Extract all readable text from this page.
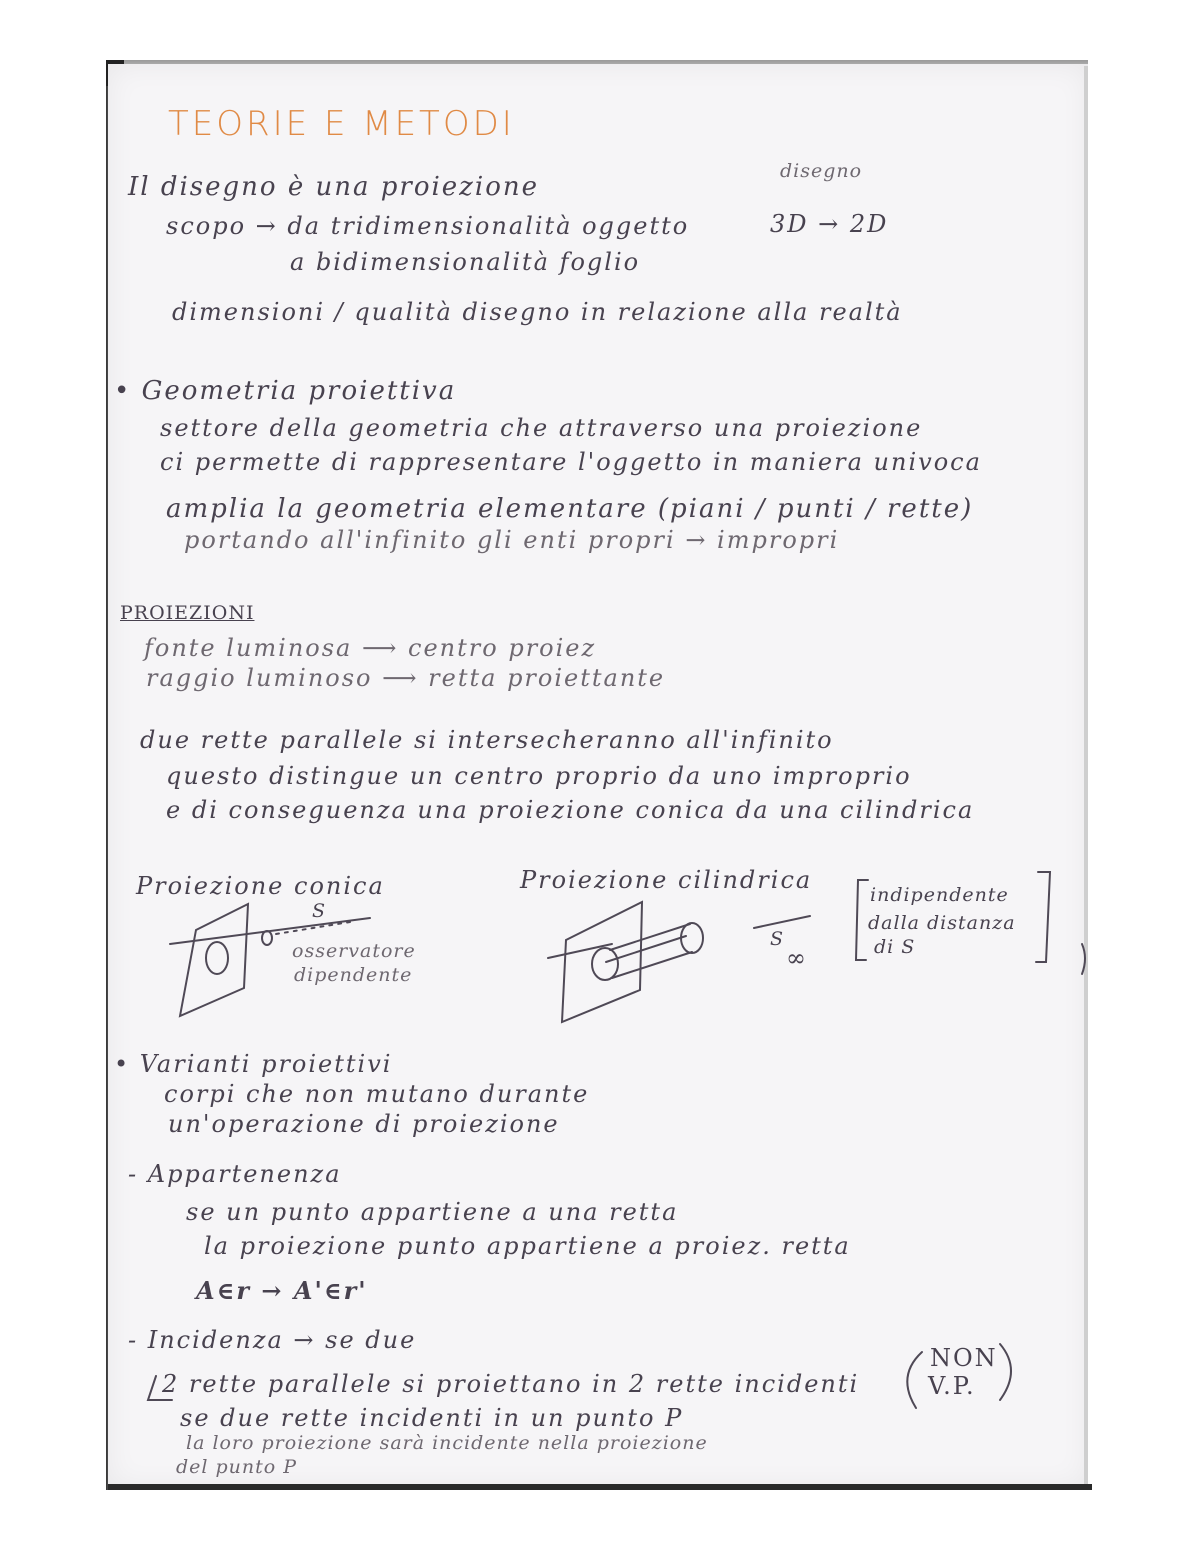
TEORIE E METODI
Il disegno è una proiezione
disegno
scopo → da tridimensionalità oggetto	3D → 2D
a bidimensionalità foglio
dimensioni / qualità disegno in relazione alla realtà
• Geometria proiettiva
settore della geometria che attraverso una proiezione
ci permette di rappresentare l'oggetto in maniera univoca
amplia la geometria elementare (piani / punti / rette)
portando all'infinito gli enti propri → impropri
PROIEZIONI
fonte luminosa ⟶ centro proiez
raggio luminoso ⟶ retta proiettante
due rette parallele si intersecheranno all'infinito
questo distingue un centro proprio da uno improprio
e di conseguenza una proiezione conica da una cilindrica
Proiezione conica
S
osservatore
dipendente
Proiezione cilindrica
S
∞
indipendente
dalla distanza
di S
• Varianti proiettivi
corpi che non mutano durante
un'operazione di proiezione
- Appartenenza
se un punto appartiene a una retta
la proiezione punto appartiene a proiez. retta
A∈r → A'∈r'
- Incidenza → se due
2 rette parallele si proiettano in 2 rette incidenti
NON
V.P.
se due rette incidenti in un punto P
la loro proiezione sarà incidente nella proiezione
del punto P
